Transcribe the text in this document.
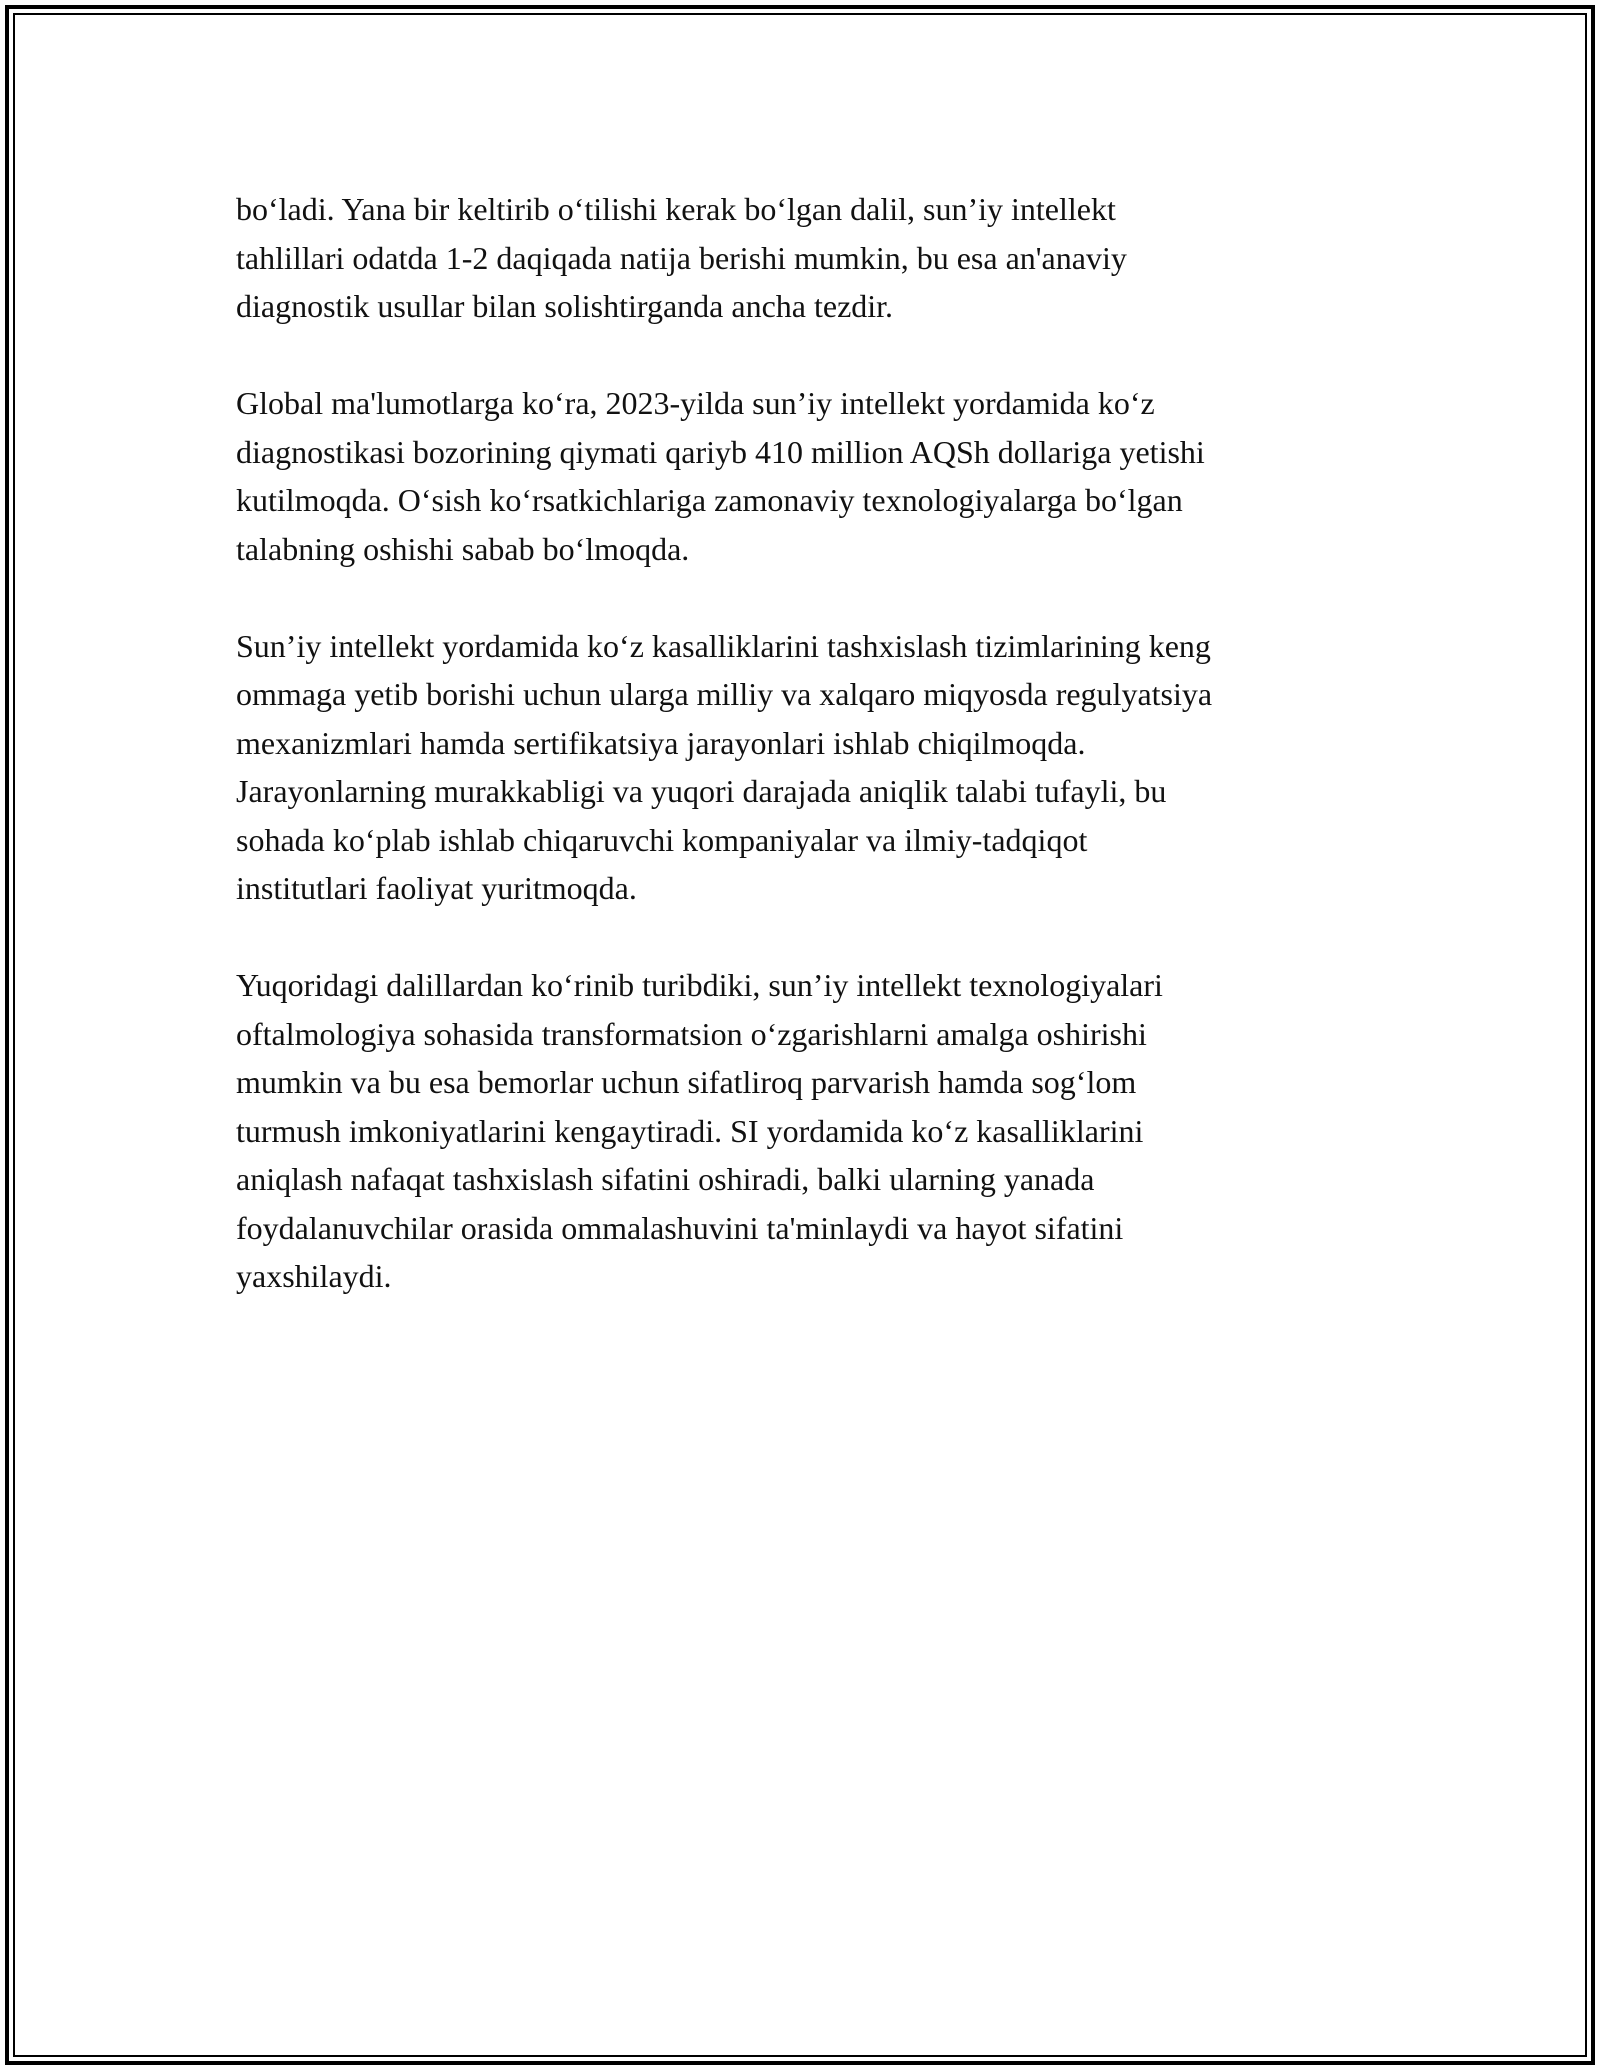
bo‘ladi. Yana bir keltirib o‘tilishi kerak bo‘lgan dalil, sun’iy intellekt
tahlillari odatda 1-2 daqiqada natija berishi mumkin, bu esa an'anaviy
diagnostik usullar bilan solishtirganda ancha tezdir.

Global ma'lumotlarga ko‘ra, 2023-yilda sun’iy intellekt yordamida ko‘z
diagnostikasi bozorining qiymati qariyb 410 million AQSh dollariga yetishi
kutilmoqda. O‘sish ko‘rsatkichlariga zamonaviy texnologiyalarga bo‘lgan
talabning oshishi sabab bo‘lmoqda.

Sun’iy intellekt yordamida ko‘z kasalliklarini tashxislash tizimlarining keng
ommaga yetib borishi uchun ularga milliy va xalqaro miqyosda regulyatsiya
mexanizmlari hamda sertifikatsiya jarayonlari ishlab chiqilmoqda.
Jarayonlarning murakkabligi va yuqori darajada aniqlik talabi tufayli, bu
sohada ko‘plab ishlab chiqaruvchi kompaniyalar va ilmiy-tadqiqot
institutlari faoliyat yuritmoqda.

Yuqoridagi dalillardan ko‘rinib turibdiki, sun’iy intellekt texnologiyalari
oftalmologiya sohasida transformatsion o‘zgarishlarni amalga oshirishi
mumkin va bu esa bemorlar uchun sifatliroq parvarish hamda sog‘lom
turmush imkoniyatlarini kengaytiradi. SI yordamida ko‘z kasalliklarini
aniqlash nafaqat tashxislash sifatini oshiradi, balki ularning yanada
foydalanuvchilar orasida ommalashuvini ta'minlaydi va hayot sifatini
yaxshilaydi.
